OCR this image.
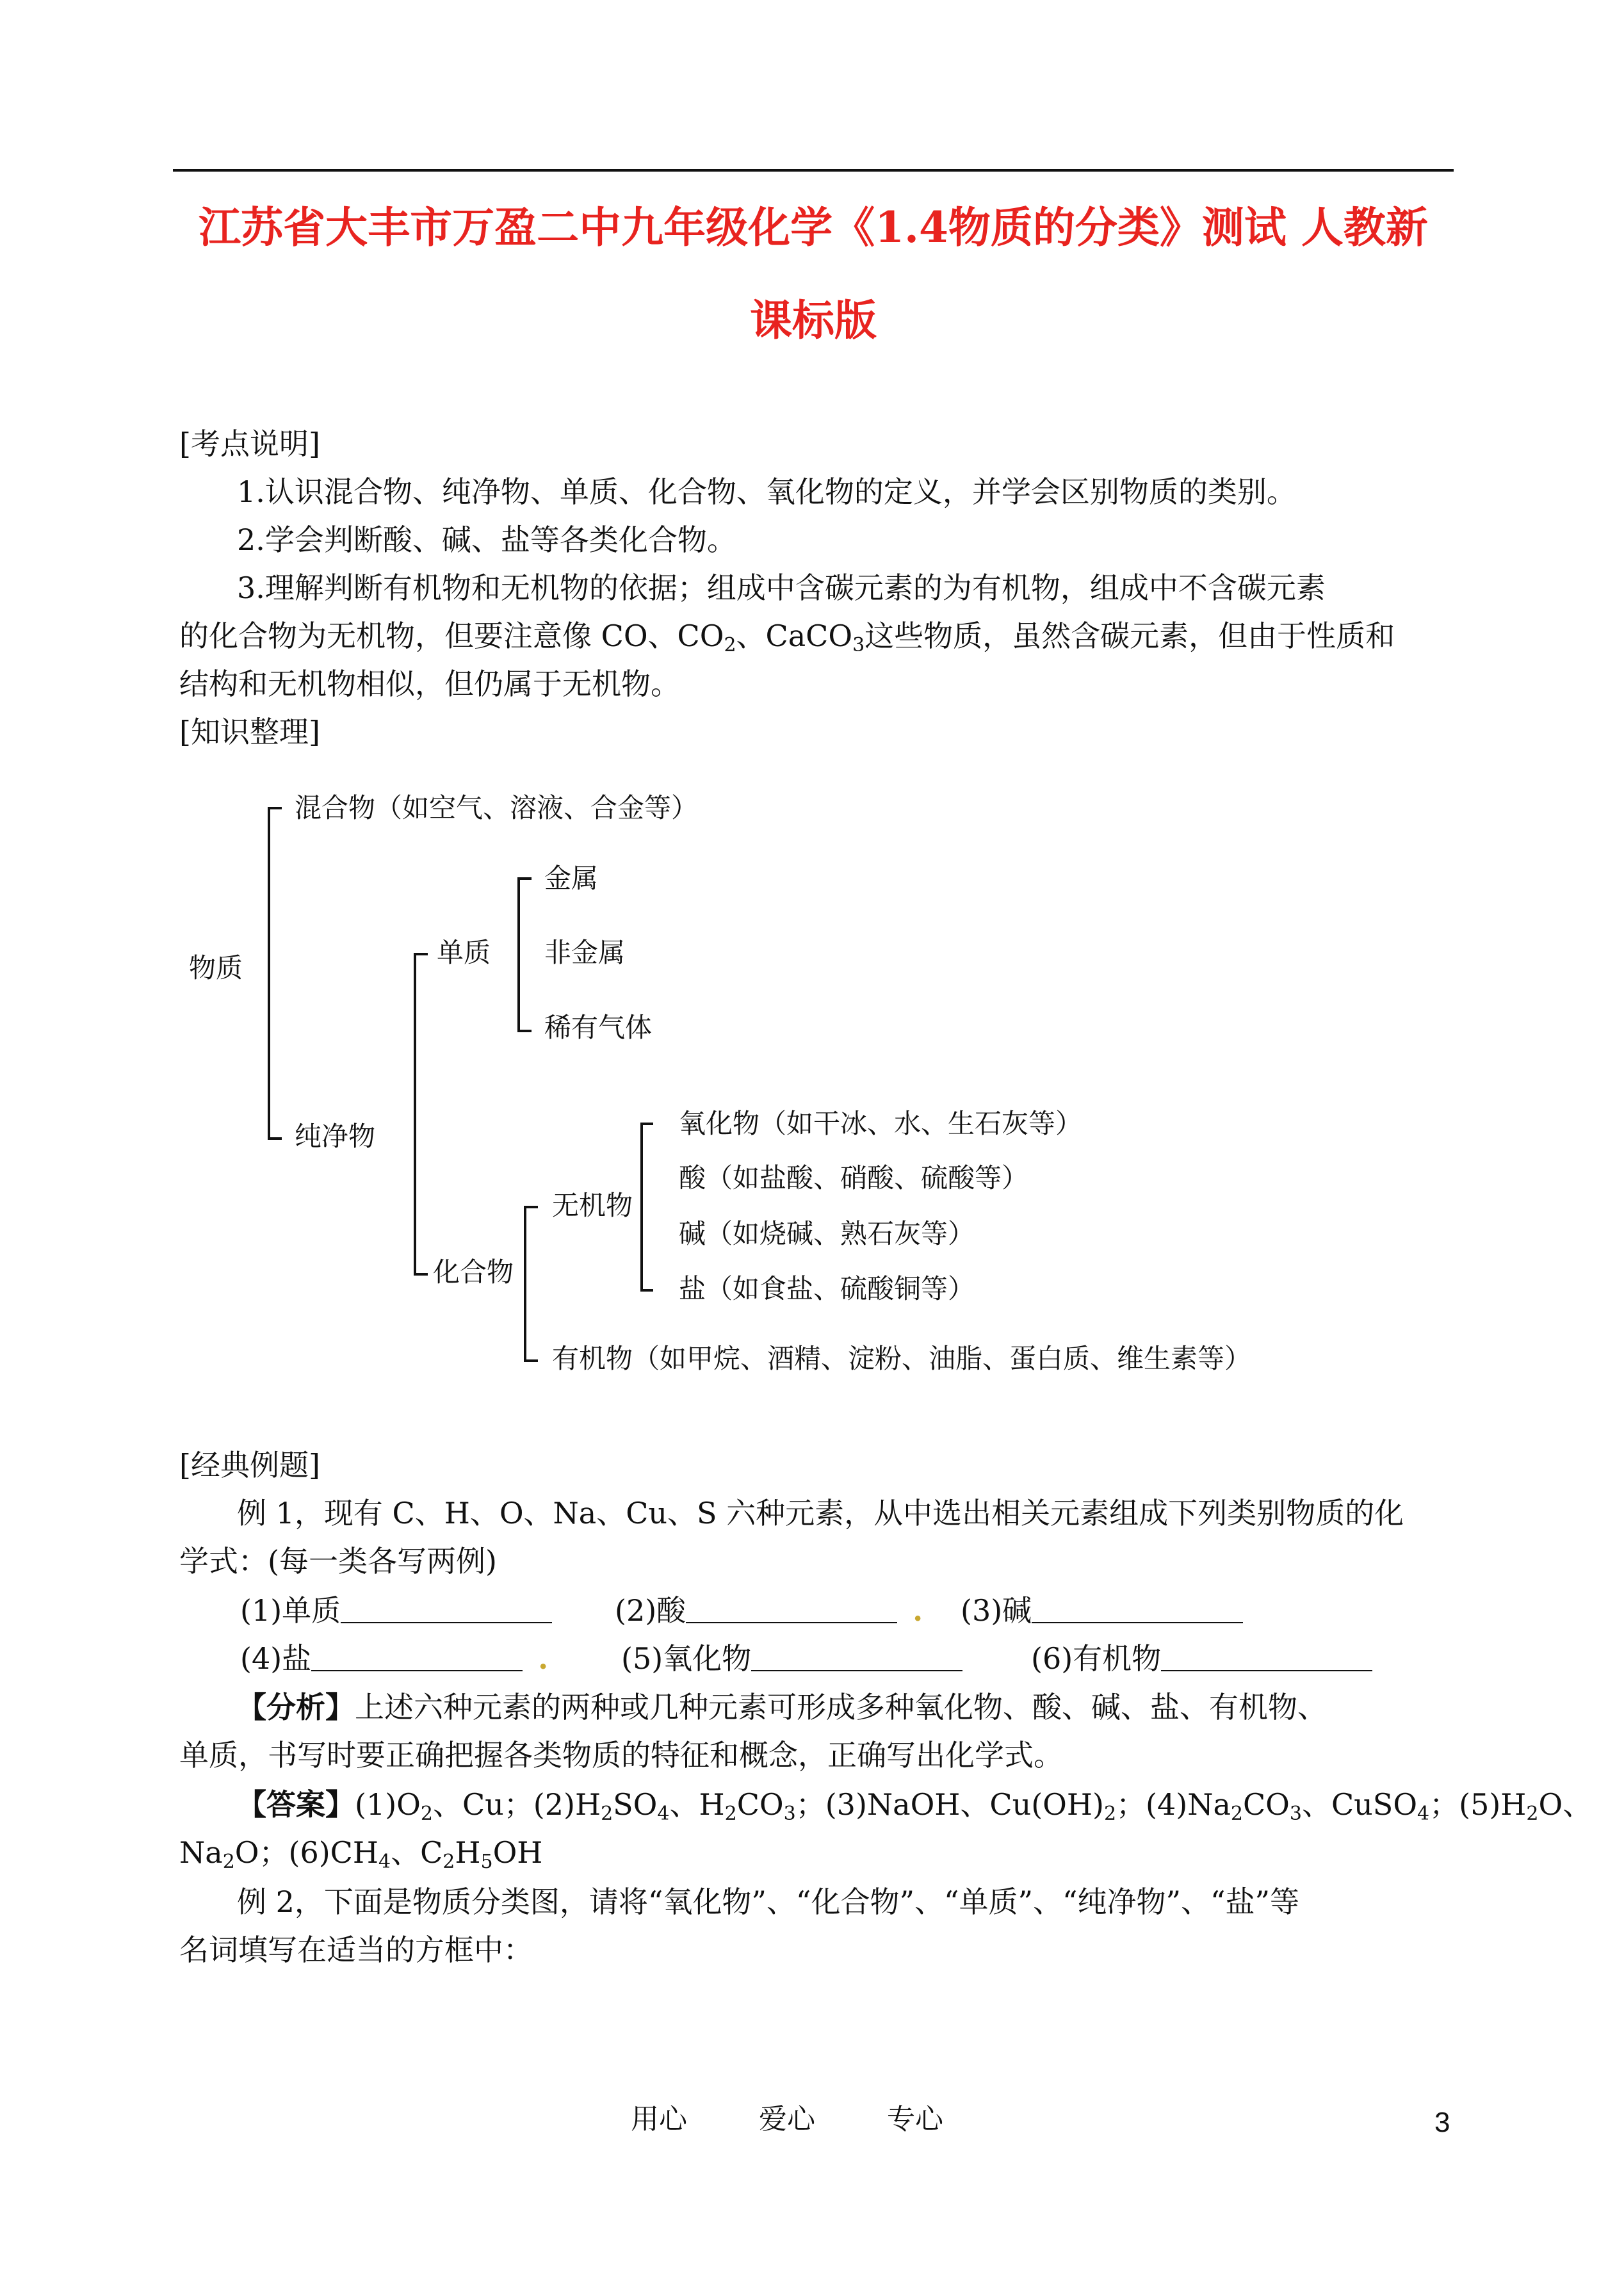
江苏省大丰市万盈二中九年级化学《1.4物质的分类》测试 人教新
课标版
[考点说明]
1.认识混合物、纯净物、单质、化合物、氧化物的定义，并学会区别物质的类别。
2.学会判断酸、碱、盐等各类化合物。
3.理解判断有机物和无机物的依据；组成中含碳元素的为有机物，组成中不含碳元素
的化合物为无机物，但要注意像 CO、$CO_2$、CaCO$_3$这些物质，虽然含碳元素，但由于性质和
结构和无机物相似，但仍属于无机物。
[知识整理]
物质
混合物（如空气、溶液、合金等）
纯净物
单质
金属
非金属
稀有气体
化合物
无机物
氧化物（如干冰、水、生石灰等）
酸（如盐酸、硝酸、硫酸等）
碱（如烧碱、熟石灰等）
盐（如食盐、硫酸铜等）
有机物（如甲烷、酒精、淀粉、油脂、蛋白质、维生素等）
[经典例题]
例 1，现有 C、H、O、Na、Cu、S 六种元素，从中选出相关元素组成下列类别物质的化
学式：(每一类各写两例)
(1)单质	(2)酸	. (3)碱
(4)盐	. (5)氧化物	(6)有机物
【分析】上述六种元素的两种或几种元素可形成多种氧化物、酸、碱、盐、有机物、
单质，书写时要正确把握各类物质的特征和概念，正确写出化学式。
【答案】$(1)O_2$、Cu；$(2)H_2SO_4$、$H_2CO_3$；(3)NaOH、$Cu(OH)_2$；$(4)Na_2CO_3$、CuSO$_4$；$(5)H_2O$、
$Na_2O$；$(6)CH_4$、$C_2H_5OH$
例 2，下面是物质分类图，请将“氧化物”、“化合物”、“单质”、“纯净物”、“盐”等
名词填写在适当的方框中：
用心	爱心	专心	3
